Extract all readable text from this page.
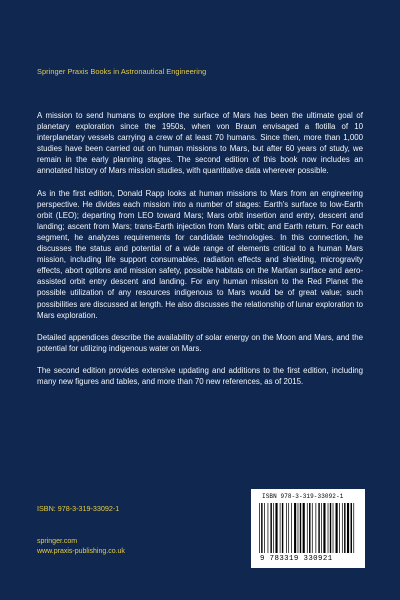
Springer Praxis Books in Astronautical Engineering

A mission to send humans to explore the surface of Mars has been the ultimate goal of planetary exploration since the 1950s, when von Braun envisaged a flotilla of 10 interplanetary vessels carrying a crew of at least 70 humans. Since then, more than 1,000 studies have been carried out on human missions to Mars, but after 60 years of study, we remain in the early planning stages. The second edition of this book now includes an annotated history of Mars mission studies, with quantitative data wherever possible.

As in the first edition, Donald Rapp looks at human missions to Mars from an engineering perspective. He divides each mission into a number of stages: Earth's surface to low-Earth orbit (LEO); departing from LEO toward Mars; Mars orbit insertion and entry, descent and landing; ascent from Mars; trans-Earth injection from Mars orbit; and Earth return. For each segment, he analyzes requirements for candidate technologies. In this connection, he discusses the status and potential of a wide range of elements critical to a human Mars mission, including life support consumables, radiation effects and shielding, microgravity effects, abort options and mission safety, possible habitats on the Martian surface and aero-assisted orbit entry descent and landing. For any human mission to the Red Planet the possible utilization of any resources indigenous to Mars would be of great value; such possibilities are discussed at length. He also discusses the relationship of lunar exploration to Mars exploration.

Detailed appendices describe the availability of solar energy on the Moon and Mars, and the potential for utilizing indigenous water on Mars.

The second edition provides extensive updating and additions to the first edition, including many new figures and tables, and more than 70 new references, as of 2015.

ISBN: 978-3-319-33092-1
springer.com
www.praxis-publishing.co.uk
ISBN 978-3-319-33092-1
9 783319 330921
